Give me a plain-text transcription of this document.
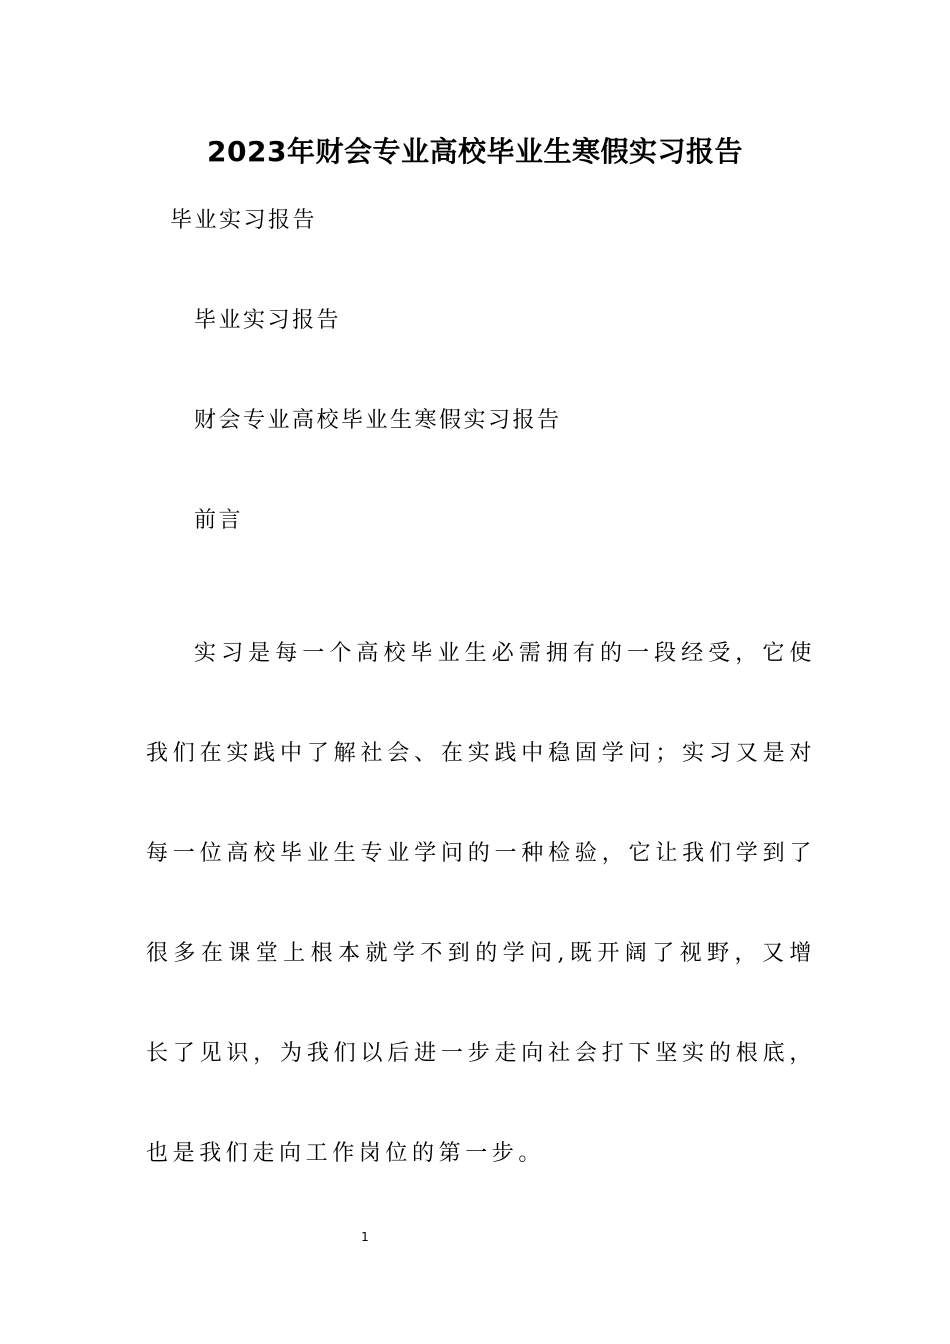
2023年财会专业高校毕业生寒假实习报告
毕业实习报告
毕业实习报告
财会专业高校毕业生寒假实习报告
前言

实习是每一个高校毕业生必需拥有的一段经受，它使我们在实践中了解社会、在实践中稳固学问；实习又是对每一位高校毕业生专业学问的一种检验，它让我们学到了很多在课堂上根本就学不到的学问,既开阔了视野，又增长了见识，为我们以后进一步走向社会打下坚实的根底，也是我们走向工作岗位的第一步。

1
